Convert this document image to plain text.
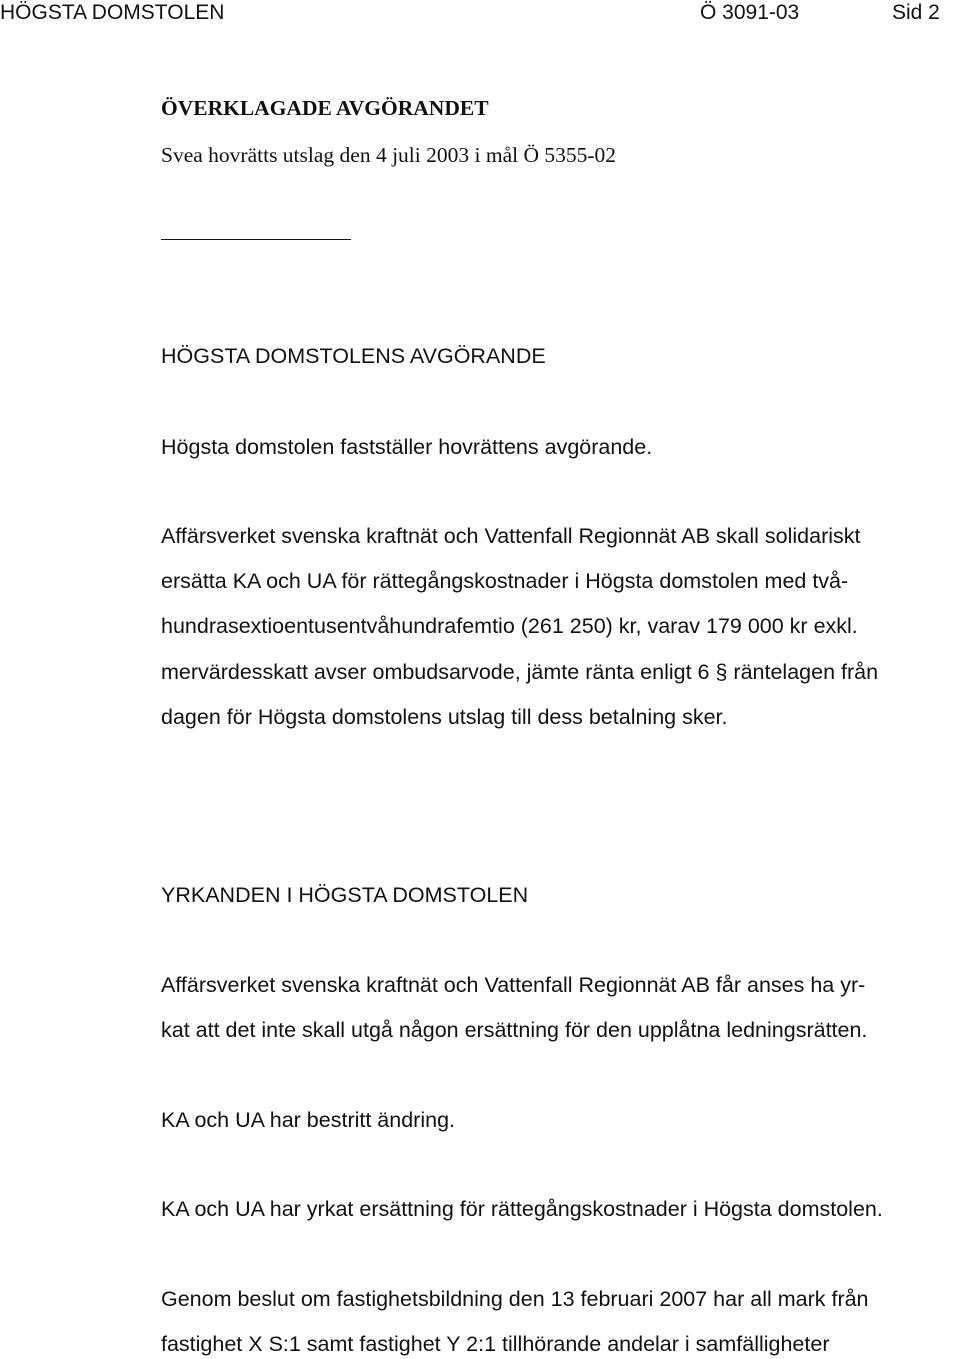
HÖGSTA DOMSTOLEN	Ö 3091-03	Sid 2
ÖVERKLAGADE AVGÖRANDET
Svea hovrätts utslag den 4 juli 2003 i mål Ö 5355-02
HÖGSTA DOMSTOLENS AVGÖRANDE
Högsta domstolen fastställer hovrättens avgörande.
Affärsverket svenska kraftnät och Vattenfall Regionnät AB skall solidariskt
ersätta KA och UA för rättegångskostnader i Högsta domstolen med två-
hundrasextioentusentvåhundrafemtio (261 250) kr, varav 179 000 kr exkl.
mervärdesskatt avser ombudsarvode, jämte ränta enligt 6 § räntelagen från
dagen för Högsta domstolens utslag till dess betalning sker.
YRKANDEN I HÖGSTA DOMSTOLEN
Affärsverket svenska kraftnät och Vattenfall Regionnät AB får anses ha yr-
kat att det inte skall utgå någon ersättning för den upplåtna ledningsrätten.
KA och UA har bestritt ändring.
KA och UA har yrkat ersättning för rättegångskostnader i Högsta domstolen.
Genom beslut om fastighetsbildning den 13 februari 2007 har all mark från
fastighet X S:1 samt fastighet Y 2:1 tillhörande andelar i samfälligheter
